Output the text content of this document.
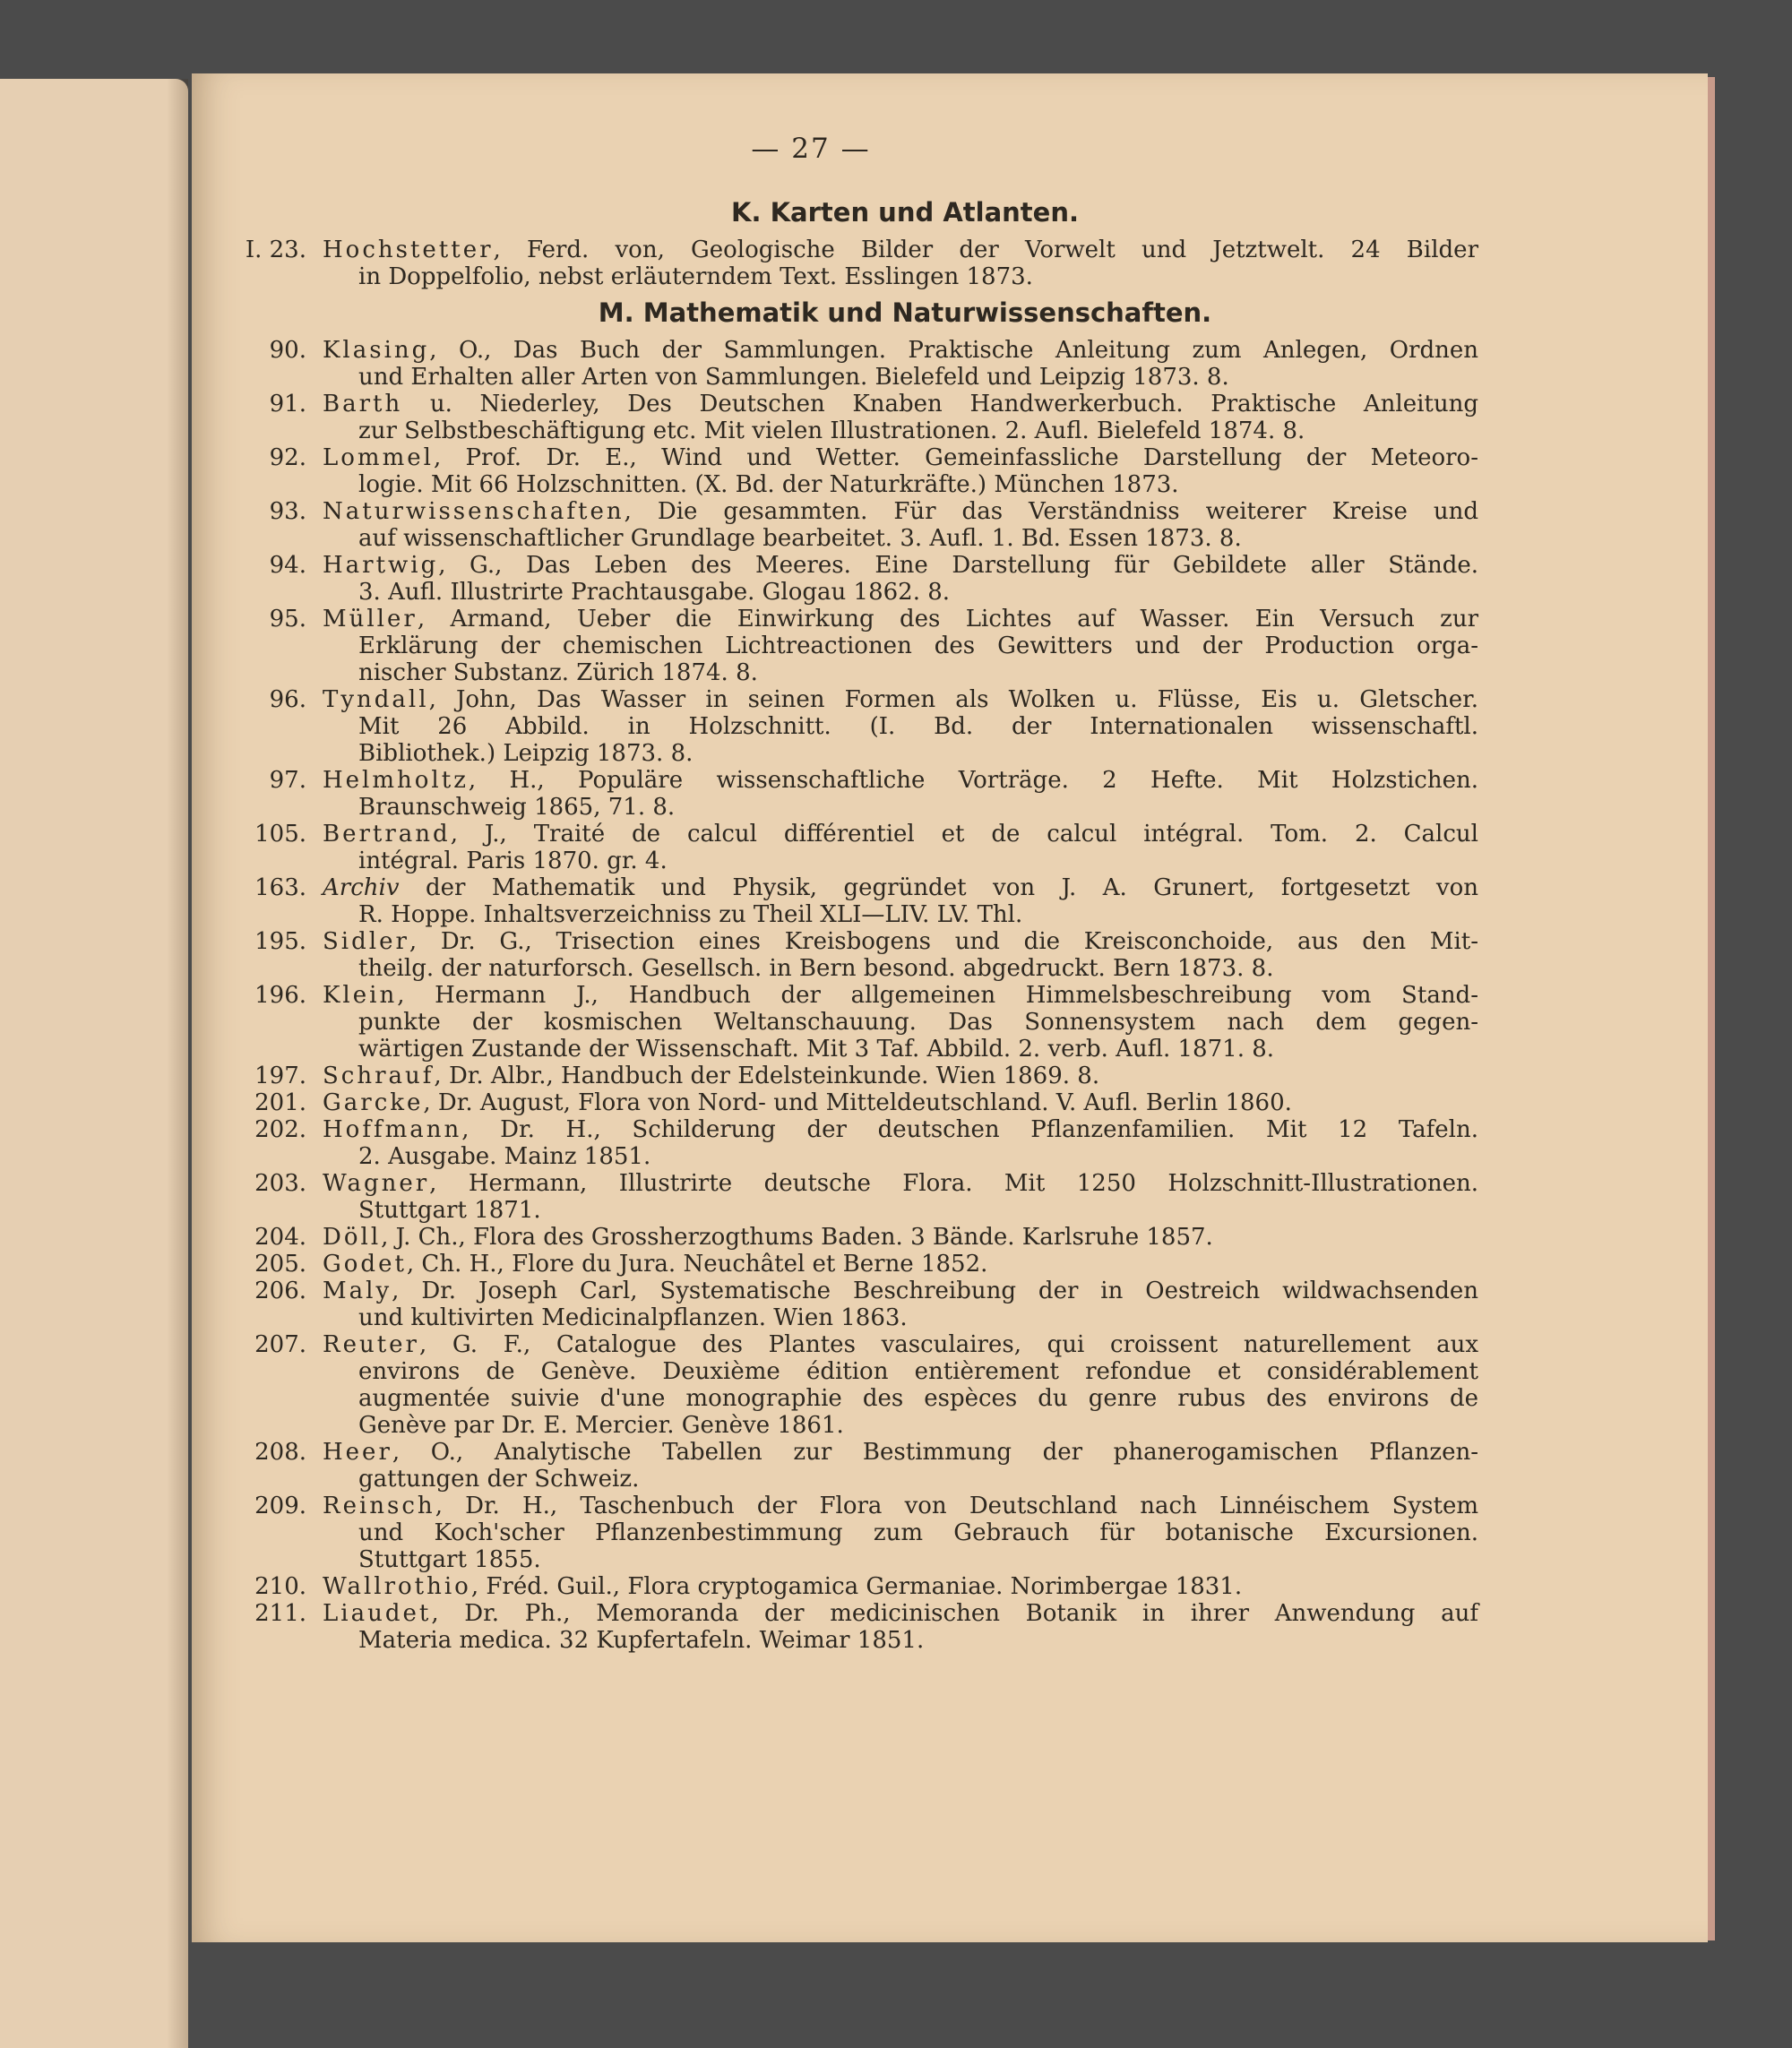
— 27 —
K. Karten und Atlanten.
I. 23. Hochstetter, Ferd. von, Geologische Bilder der Vorwelt und Jetztwelt. 24 Bilder
in Doppelfolio, nebst erläuterndem Text. Esslingen 1873.
M. Mathematik und Naturwissenschaften.
90. Klasing, O., Das Buch der Sammlungen. Praktische Anleitung zum Anlegen, Ordnen
und Erhalten aller Arten von Sammlungen. Bielefeld und Leipzig 1873. 8.
91. Barth u. Niederley, Des Deutschen Knaben Handwerkerbuch. Praktische Anleitung
zur Selbstbeschäftigung etc. Mit vielen Illustrationen. 2. Aufl. Bielefeld 1874. 8.
92. Lommel, Prof. Dr. E., Wind und Wetter. Gemeinfassliche Darstellung der Meteoro-
logie. Mit 66 Holzschnitten. (X. Bd. der Naturkräfte.) München 1873.
93. Naturwissenschaften, Die gesammten. Für das Verständniss weiterer Kreise und
auf wissenschaftlicher Grundlage bearbeitet. 3. Aufl. 1. Bd. Essen 1873. 8.
94. Hartwig, G., Das Leben des Meeres. Eine Darstellung für Gebildete aller Stände.
3. Aufl. Illustrirte Prachtausgabe. Glogau 1862. 8.
95. Müller, Armand, Ueber die Einwirkung des Lichtes auf Wasser. Ein Versuch zur
Erklärung der chemischen Lichtreactionen des Gewitters und der Production orga-
nischer Substanz. Zürich 1874. 8.
96. Tyndall, John, Das Wasser in seinen Formen als Wolken u. Flüsse, Eis u. Gletscher.
Mit 26 Abbild. in Holzschnitt. (I. Bd. der Internationalen wissenschaftl.
Bibliothek.) Leipzig 1873. 8.
97. Helmholtz, H., Populäre wissenschaftliche Vorträge. 2 Hefte. Mit Holzstichen.
Braunschweig 1865, 71. 8.
105. Bertrand, J., Traité de calcul différentiel et de calcul intégral. Tom. 2. Calcul
intégral. Paris 1870. gr. 4.
163. Archiv der Mathematik und Physik, gegründet von J. A. Grunert, fortgesetzt von
R. Hoppe. Inhaltsverzeichniss zu Theil XLI—LIV. LV. Thl.
195. Sidler, Dr. G., Trisection eines Kreisbogens und die Kreisconchoide, aus den Mit-
theilg. der naturforsch. Gesellsch. in Bern besond. abgedruckt. Bern 1873. 8.
196. Klein, Hermann J., Handbuch der allgemeinen Himmelsbeschreibung vom Stand-
punkte der kosmischen Weltanschauung. Das Sonnensystem nach dem gegen-
wärtigen Zustande der Wissenschaft. Mit 3 Taf. Abbild. 2. verb. Aufl. 1871. 8.
197. Schrauf, Dr. Albr., Handbuch der Edelsteinkunde. Wien 1869. 8.
201. Garcke, Dr. August, Flora von Nord- und Mitteldeutschland. V. Aufl. Berlin 1860.
202. Hoffmann, Dr. H., Schilderung der deutschen Pflanzenfamilien. Mit 12 Tafeln.
2. Ausgabe. Mainz 1851.
203. Wagner, Hermann, Illustrirte deutsche Flora. Mit 1250 Holzschnitt-Illustrationen.
Stuttgart 1871.
204. Döll, J. Ch., Flora des Grossherzogthums Baden. 3 Bände. Karlsruhe 1857.
205. Godet, Ch. H., Flore du Jura. Neuchâtel et Berne 1852.
206. Maly, Dr. Joseph Carl, Systematische Beschreibung der in Oestreich wildwachsenden
und kultivirten Medicinalpflanzen. Wien 1863.
207. Reuter, G. F., Catalogue des Plantes vasculaires, qui croissent naturellement aux
environs de Genève. Deuxième édition entièrement refondue et considérablement
augmentée suivie d'une monographie des espèces du genre rubus des environs de
Genève par Dr. E. Mercier. Genève 1861.
208. Heer, O., Analytische Tabellen zur Bestimmung der phanerogamischen Pflanzen-
gattungen der Schweiz.
209. Reinsch, Dr. H., Taschenbuch der Flora von Deutschland nach Linnéischem System
und Koch'scher Pflanzenbestimmung zum Gebrauch für botanische Excursionen.
Stuttgart 1855.
210. Wallrothio, Fréd. Guil., Flora cryptogamica Germaniae. Norimbergae 1831.
211. Liaudet, Dr. Ph., Memoranda der medicinischen Botanik in ihrer Anwendung auf
Materia medica. 32 Kupfertafeln. Weimar 1851.
